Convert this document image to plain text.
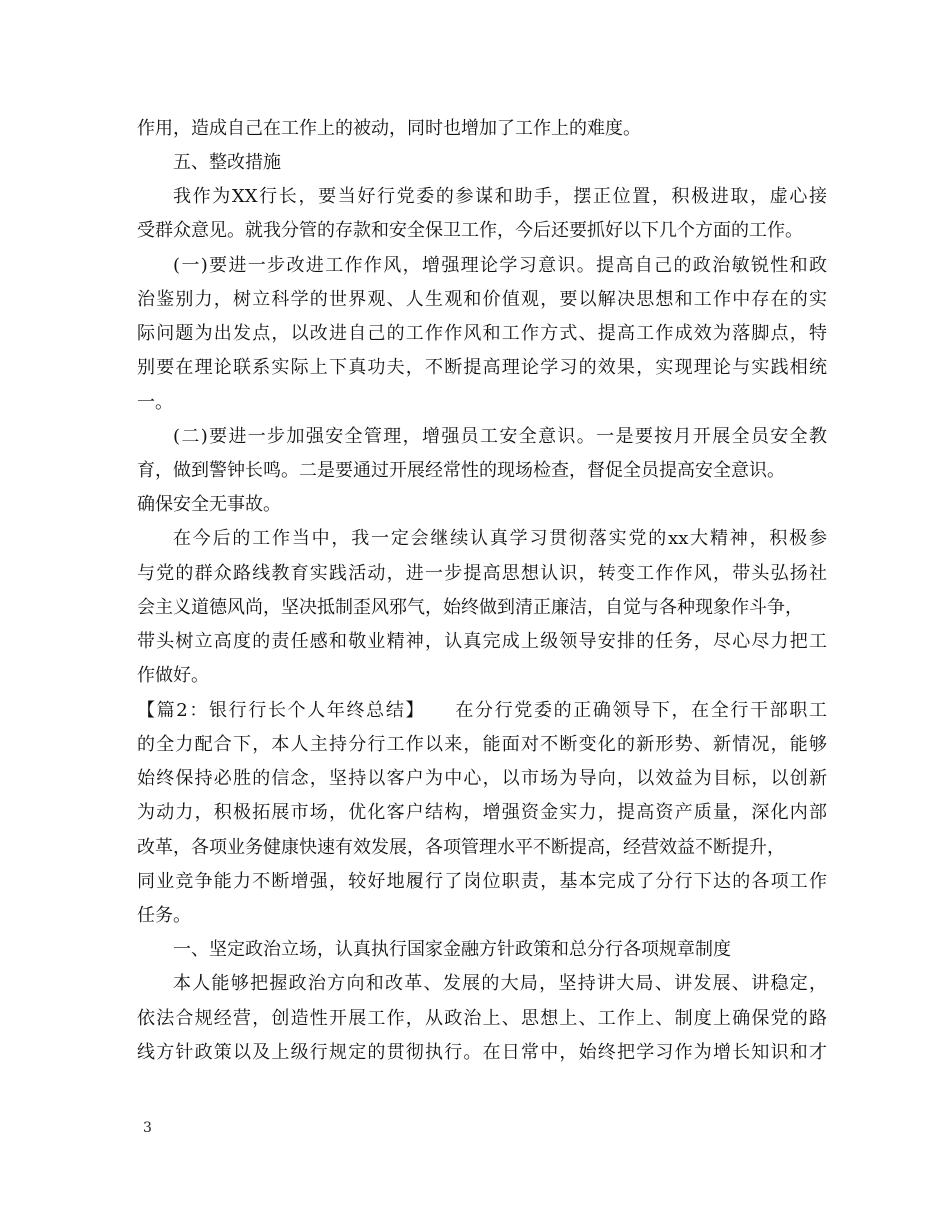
作用，造成自己在工作上的被动，同时也增加了工作上的难度。
五、整改措施
我作为XX行长，要当好行党委的参谋和助手，摆正位置，积极进取，虚心接
受群众意见。就我分管的存款和安全保卫工作，今后还要抓好以下几个方面的工作。
(一)要进一步改进工作作风，增强理论学习意识。提高自己的政治敏锐性和政
治鉴别力，树立科学的世界观、人生观和价值观，要以解决思想和工作中存在的实
际问题为出发点，以改进自己的工作作风和工作方式、提高工作成效为落脚点，特
别要在理论联系实际上下真功夫，不断提高理论学习的效果，实现理论与实践相统
一。
(二)要进一步加强安全管理，增强员工安全意识。一是要按月开展全员安全教
育，做到警钟长鸣。二是要通过开展经常性的现场检查，督促全员提高安全意识。
确保安全无事故。
在今后的工作当中，我一定会继续认真学习贯彻落实党的xx大精神，积极参
与党的群众路线教育实践活动，进一步提高思想认识，转变工作作风，带头弘扬社
会主义道德风尚，坚决抵制歪风邪气，始终做到清正廉洁，自觉与各种现象作斗争，
带头树立高度的责任感和敬业精神，认真完成上级领导安排的任务，尽心尽力把工
作做好。
【篇2：银行行长个人年终总结】　　在分行党委的正确领导下，在全行干部职工
的全力配合下，本人主持分行工作以来，能面对不断变化的新形势、新情况，能够
始终保持必胜的信念，坚持以客户为中心，以市场为导向，以效益为目标，以创新
为动力，积极拓展市场，优化客户结构，增强资金实力，提高资产质量，深化内部
改革，各项业务健康快速有效发展，各项管理水平不断提高，经营效益不断提升，
同业竞争能力不断增强，较好地履行了岗位职责，基本完成了分行下达的各项工作
任务。
一、坚定政治立场，认真执行国家金融方针政策和总分行各项规章制度
本人能够把握政治方向和改革、发展的大局，坚持讲大局、讲发展、讲稳定，
依法合规经营，创造性开展工作，从政治上、思想上、工作上、制度上确保党的路
线方针政策以及上级行规定的贯彻执行。在日常中，始终把学习作为增长知识和才
3
